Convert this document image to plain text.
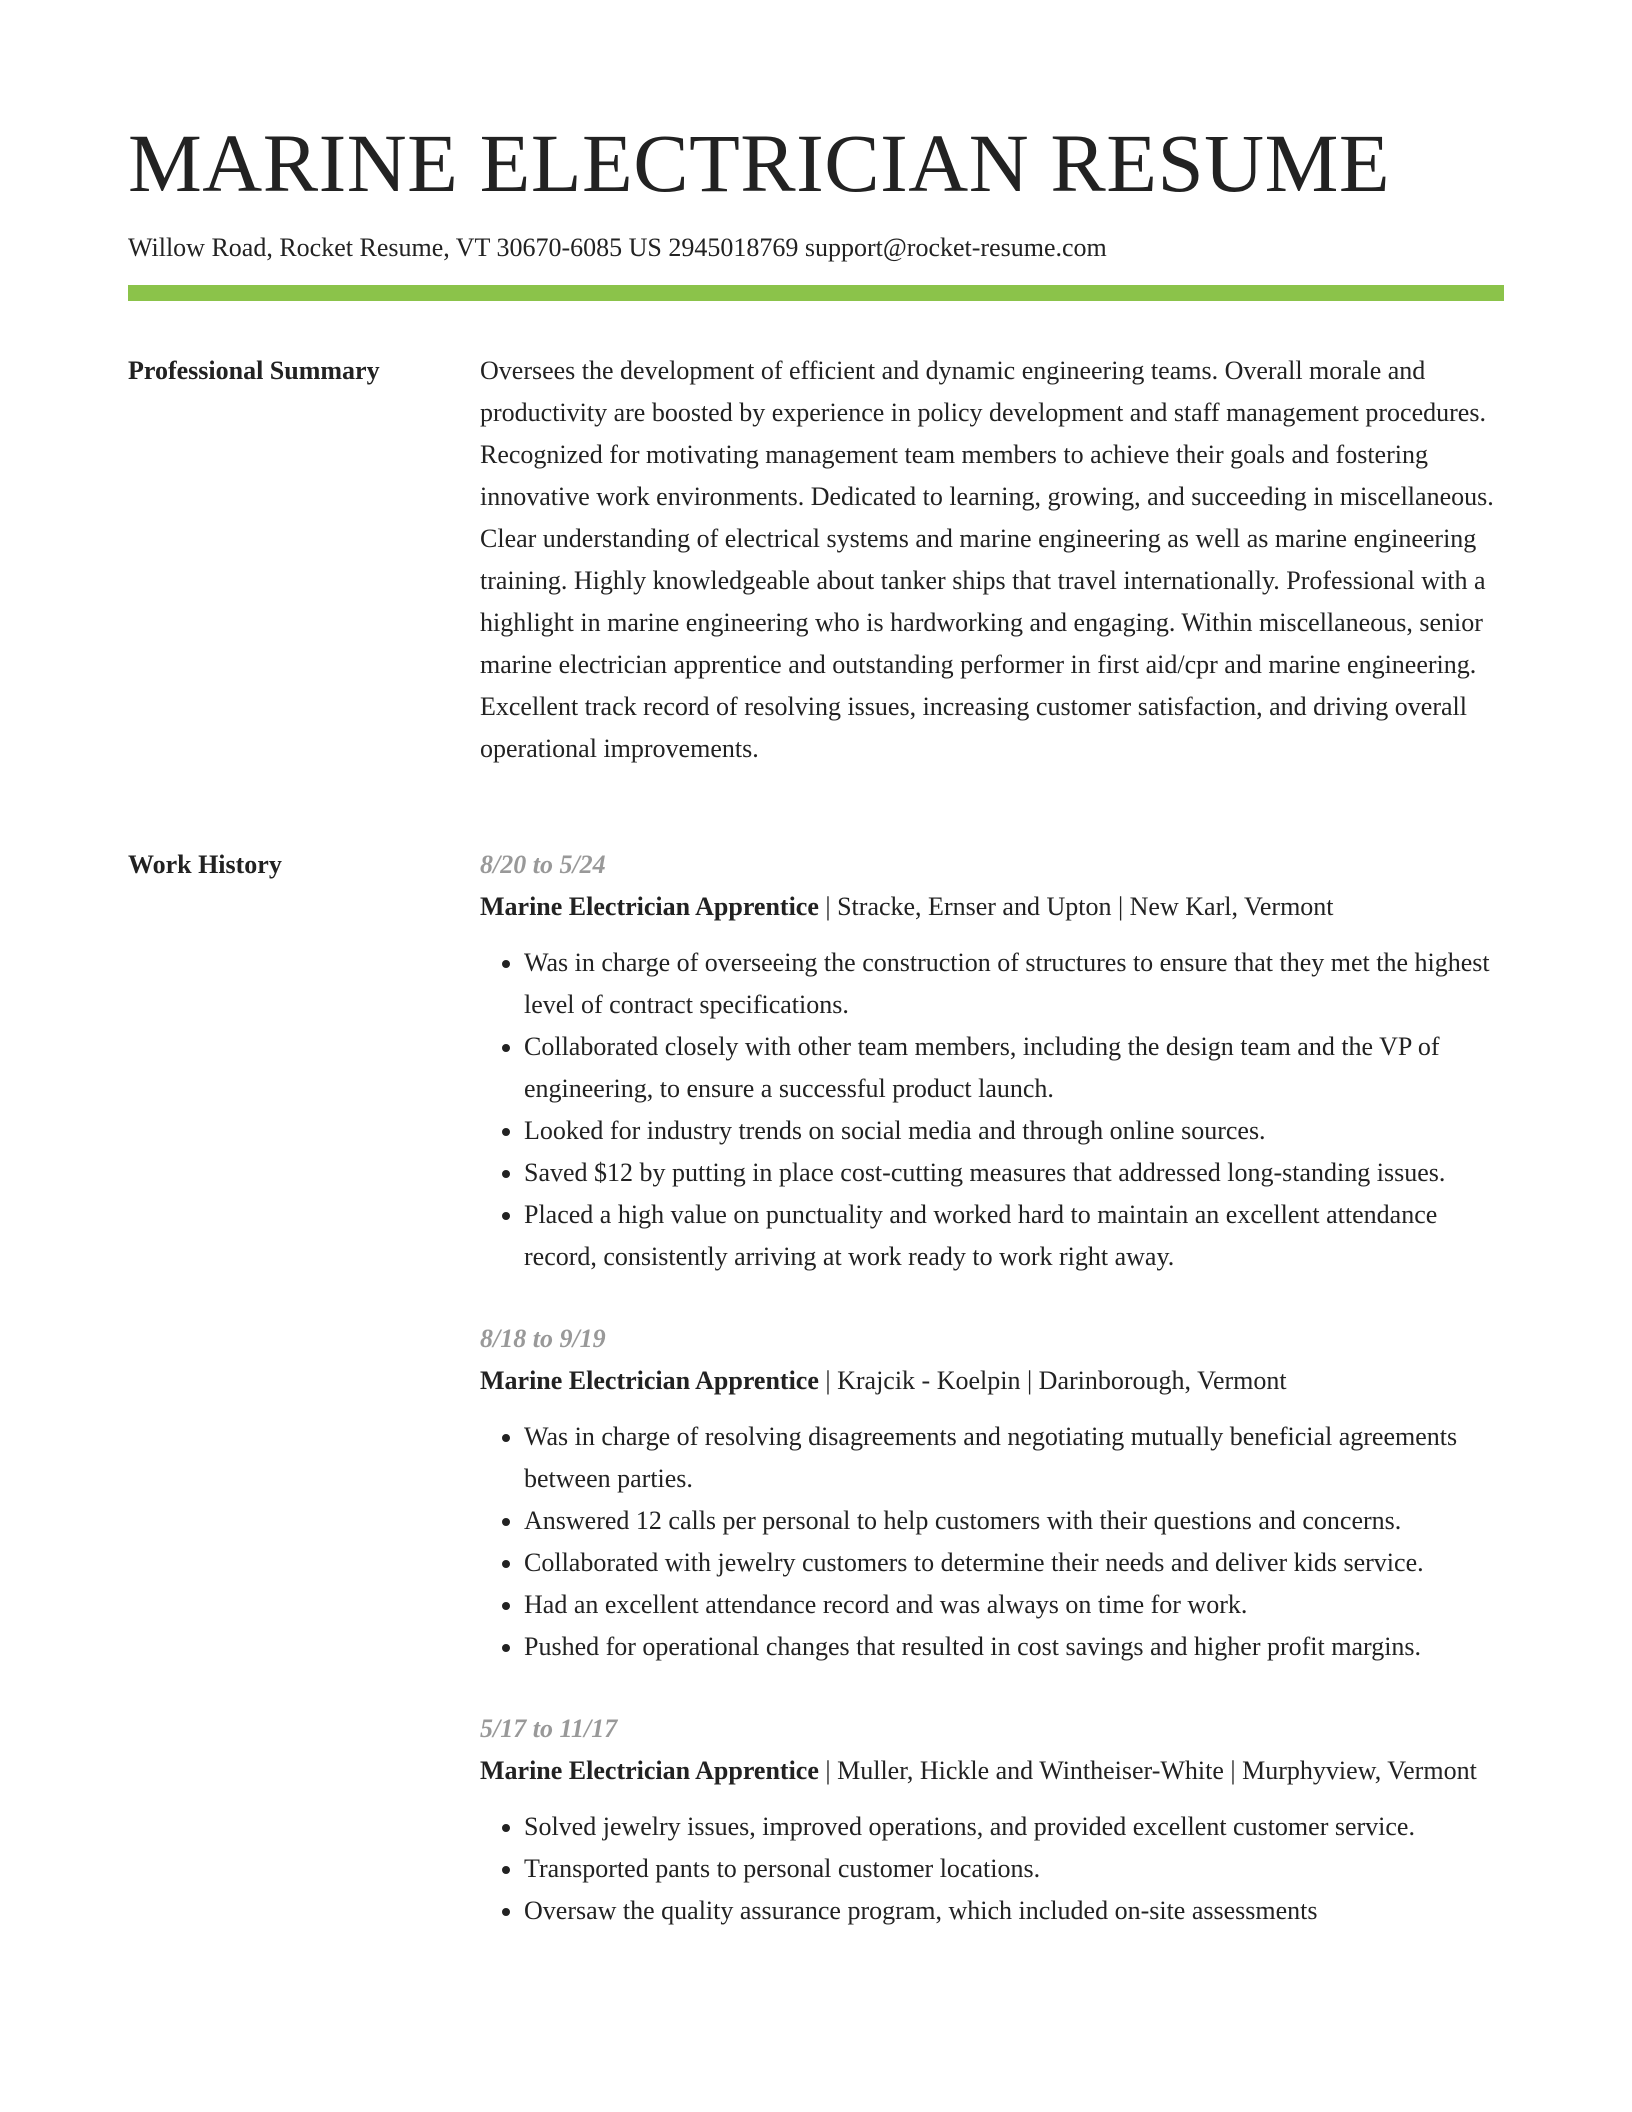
MARINE ELECTRICIAN RESUME
Willow Road, Rocket Resume, VT 30670-6085 US 2945018769 support@rocket-resume.com
Professional Summary	Oversees the development of efficient and dynamic engineering teams. Overall morale and productivity are boosted by experience in policy development and staff management procedures. Recognized for motivating management team members to achieve their goals and fostering innovative work environments. Dedicated to learning, growing, and succeeding in miscellaneous. Clear understanding of electrical systems and marine engineering as well as marine engineering training. Highly knowledgeable about tanker ships that travel internationally. Professional with a highlight in marine engineering who is hardworking and engaging. Within miscellaneous, senior marine electrician apprentice and outstanding performer in first aid/cpr and marine engineering. Excellent track record of resolving issues, increasing customer satisfaction, and driving overall operational improvements.

Work History	8/20 to 5/24
Marine Electrician Apprentice | Stracke, Ernser and Upton | New Karl, Vermont
• Was in charge of overseeing the construction of structures to ensure that they met the highest level of contract specifications.
• Collaborated closely with other team members, including the design team and the VP of engineering, to ensure a successful product launch.
• Looked for industry trends on social media and through online sources.
• Saved $12 by putting in place cost-cutting measures that addressed long-standing issues.
• Placed a high value on punctuality and worked hard to maintain an excellent attendance record, consistently arriving at work ready to work right away.
8/18 to 9/19
Marine Electrician Apprentice | Krajcik - Koelpin | Darinborough, Vermont
• Was in charge of resolving disagreements and negotiating mutually beneficial agreements between parties.
• Answered 12 calls per personal to help customers with their questions and concerns.
• Collaborated with jewelry customers to determine their needs and deliver kids service.
• Had an excellent attendance record and was always on time for work.
• Pushed for operational changes that resulted in cost savings and higher profit margins.
5/17 to 11/17
Marine Electrician Apprentice | Muller, Hickle and Wintheiser-White | Murphyview, Vermont
• Solved jewelry issues, improved operations, and provided excellent customer service.
• Transported pants to personal customer locations.
• Oversaw the quality assurance program, which included on-site assessments
